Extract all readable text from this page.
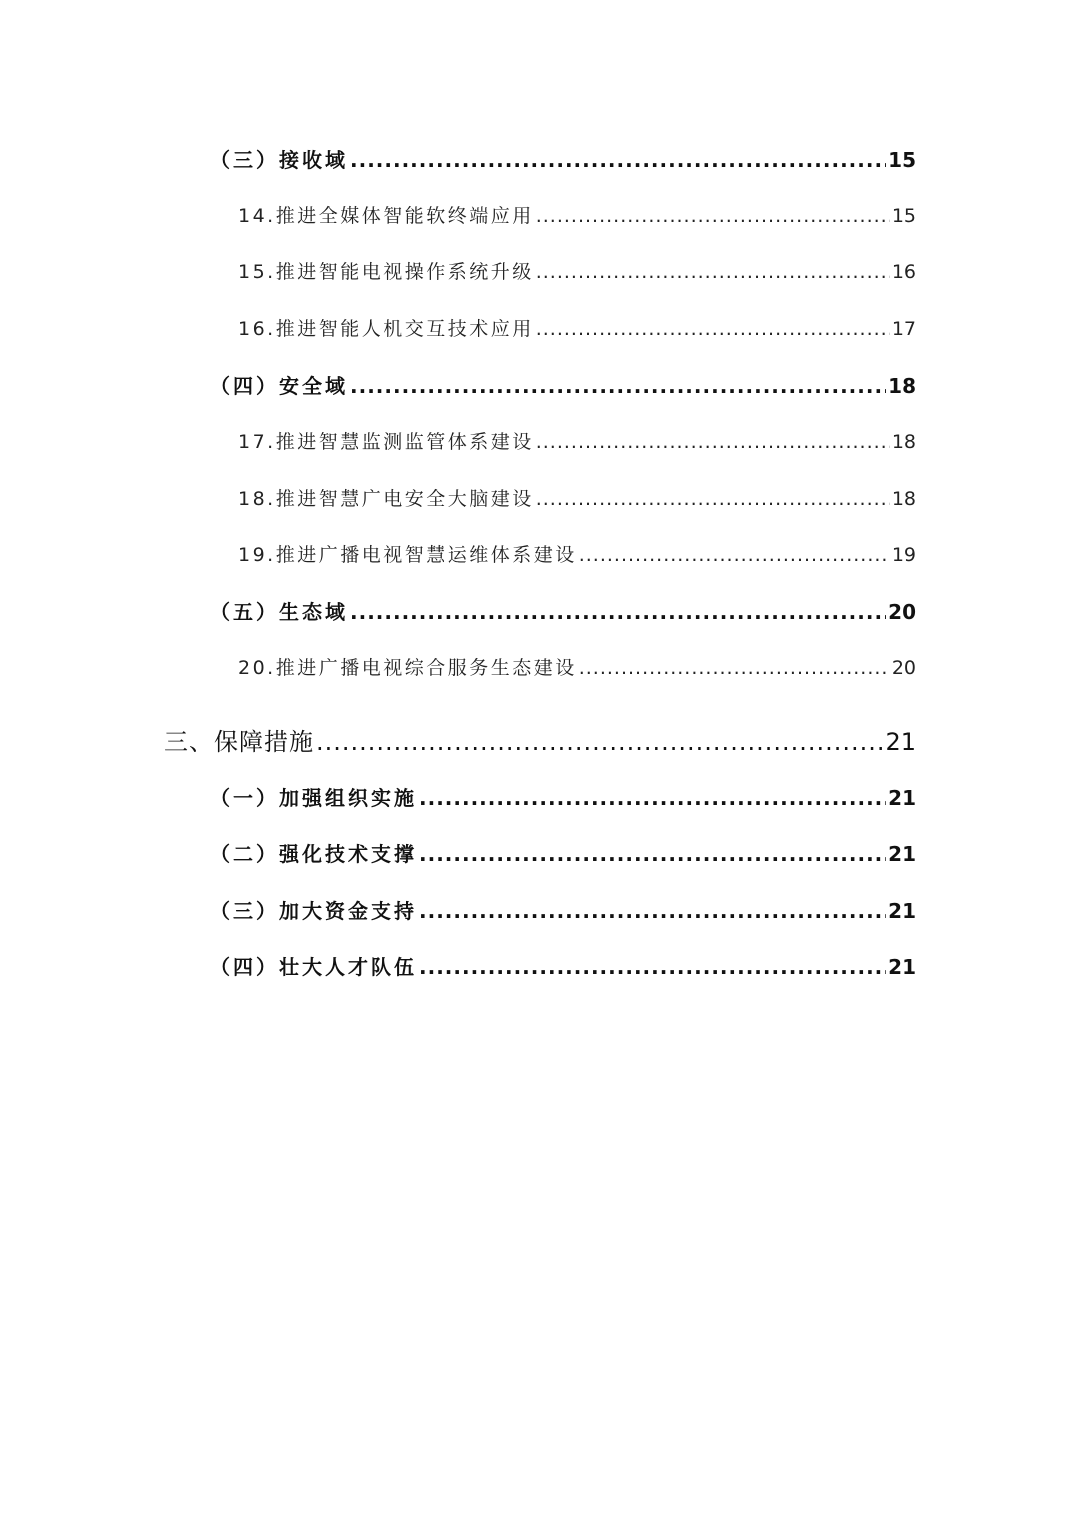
（三）接收域 .....	15
14.推进全媒体智能软终端应用 .....	15
15.推进智能电视操作系统升级 .....	16
16.推进智能人机交互技术应用 .....	17
（四）安全域 .....	18
17.推进智慧监测监管体系建设 .....	18
18.推进智慧广电安全大脑建设 .....	18
19.推进广播电视智慧运维体系建设 .....	19
（五）生态域 .....	20
20.推进广播电视综合服务生态建设 .....	20
三、保障措施 .....	21
（一）加强组织实施 .....	21
（二）强化技术支撑 .....	21
（三）加大资金支持 .....	21
（四）壮大人才队伍 .....	21
